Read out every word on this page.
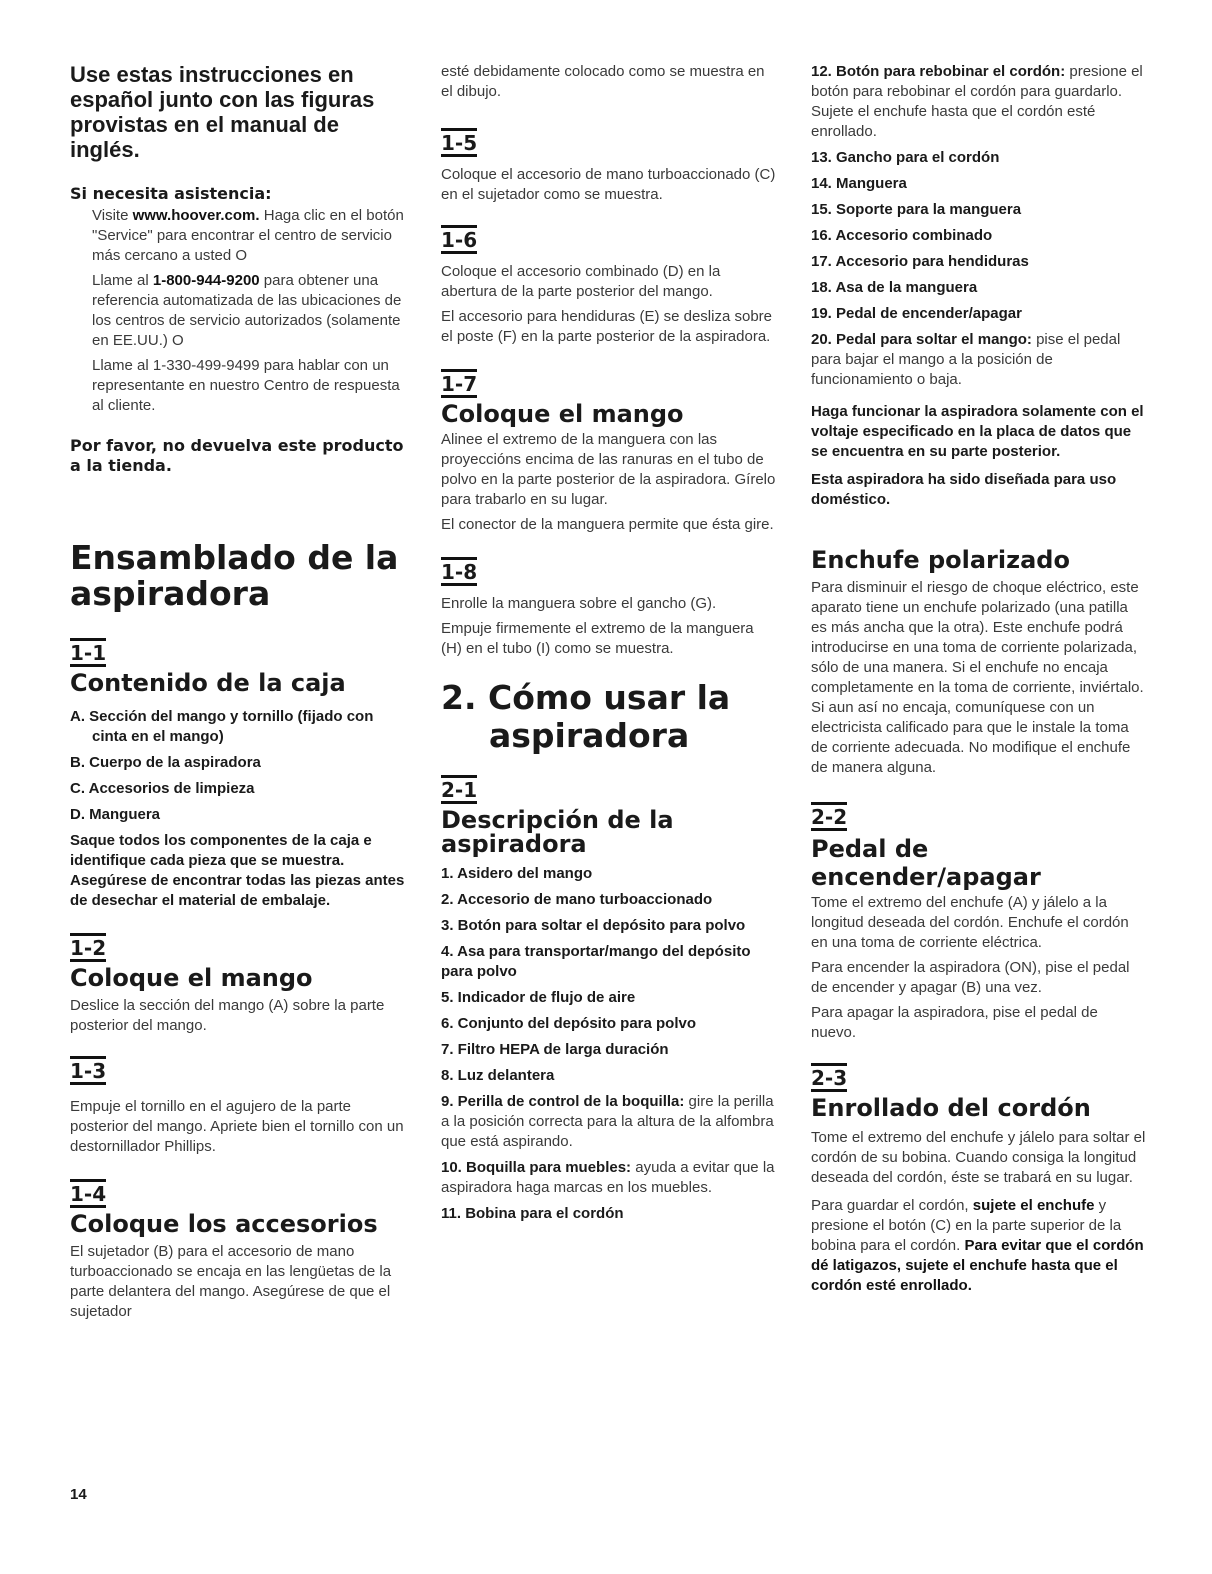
Use estas instrucciones en español junto con las figuras provistas en el manual de inglés.

Si necesita asistencia:

Visite www.hoover.com. Haga clic en el botón "Service" para encontrar el centro de servicio más cercano a usted O

Llame al 1-800-944-9200 para obtener una referencia automatizada de las ubicaciones de los centros de servicio autorizados (solamente en EE.UU.) O

Llame al 1-330-499-9499 para hablar con un representante en nuestro Centro de respuesta al cliente.

Por favor, no devuelva este producto a la tienda.

Ensamblado de la aspiradora
1-1
Contenido de la caja

A. Sección del mango y tornillo (fijado con cinta en el mango)

B. Cuerpo de la aspiradora

C. Accesorios de limpieza

D. Manguera

Saque todos los componentes de la caja e identifique cada pieza que se muestra. Asegúrese de encontrar todas las piezas antes de desechar el material de embalaje.

1-2
Coloque el mango

Deslice la sección del mango (A) sobre la parte posterior del mango.

1-3

Empuje el tornillo en el agujero de la parte posterior del mango. Apriete bien el tornillo con un destornillador Phillips.

1-4
Coloque los accesorios

El sujetador (B) para el accesorio de mano turboaccionado se encaja en las lengüetas de la parte delantera del mango. Asegúrese de que el sujetador

14

esté debidamente colocado como se muestra en el dibujo.

1-5

Coloque el accesorio de mano turboaccionado (C) en el sujetador como se muestra.

1-6

Coloque el accesorio combinado (D) en la abertura de la parte posterior del mango.

El accesorio para hendiduras (E) se desliza sobre el poste (F) en la parte posterior de la aspiradora.

1-7
Coloque el mango

Alinee el extremo de la manguera con las proyeccións encima de las ranuras en el tubo de polvo en la parte posterior de la aspiradora. Gírelo para trabarlo en su lugar.

El conector de la manguera permite que ésta gire.

1-8

Enrolle la manguera sobre el gancho (G).

Empuje firmemente el extremo de la manguera (H) en el tubo (I) como se muestra.

2. Cómo usar la
aspiradora
2-1
Descripción de la aspiradora

1. Asidero del mango

2. Accesorio de mano turboaccionado

3. Botón para soltar el depósito para polvo

4. Asa para transportar/mango del depósito para polvo

5. Indicador de flujo de aire

6. Conjunto del depósito para polvo

7. Filtro HEPA de larga duración

8. Luz delantera

9. Perilla de control de la boquilla: gire la perilla a la posición correcta para la altura de la alfombra que está aspirando.

10. Boquilla para muebles: ayuda a evitar que la aspiradora haga marcas en los muebles.

11. Bobina para el cordón

12. Botón para rebobinar el cordón: presione el botón para rebobinar el cordón para guardarlo. Sujete el enchufe hasta que el cordón esté enrollado.

13. Gancho para el cordón

14. Manguera

15. Soporte para la manguera

16. Accesorio combinado

17. Accesorio para hendiduras

18. Asa de la manguera

19. Pedal de encender/apagar

20. Pedal para soltar el mango: pise el pedal para bajar el mango a la posición de funcionamiento o baja.

Haga funcionar la aspiradora solamente con el voltaje especificado en la placa de datos que se encuentra en su parte posterior.

Esta aspiradora ha sido diseñada para uso doméstico.

Enchufe polarizado

Para disminuir el riesgo de choque eléctrico, este aparato tiene un enchufe polarizado (una patilla es más ancha que la otra). Este enchufe podrá introducirse en una toma de corriente polarizada, sólo de una manera. Si el enchufe no encaja completamente en la toma de corriente, inviértalo. Si aun así no encaja, comuníquese con un electricista calificado para que le instale la toma de corriente adecuada. No modifique el enchufe de manera alguna.

2-2
Pedal de encender/apagar

Tome el extremo del enchufe (A) y jálelo a la longitud deseada del cordón. Enchufe el cordón en una toma de corriente eléctrica.

Para encender la aspiradora (ON), pise el pedal de encender y apagar (B) una vez.

Para apagar la aspiradora, pise el pedal de nuevo.

2-3
Enrollado del cordón

Tome el extremo del enchufe y jálelo para soltar el cordón de su bobina. Cuando consiga la longitud deseada del cordón, éste se trabará en su lugar.

Para guardar el cordón, sujete el enchufe y presione el botón (C) en la parte superior de la bobina para el cordón. Para evitar que el cordón dé latigazos, sujete el enchufe hasta que el cordón esté enrollado.
